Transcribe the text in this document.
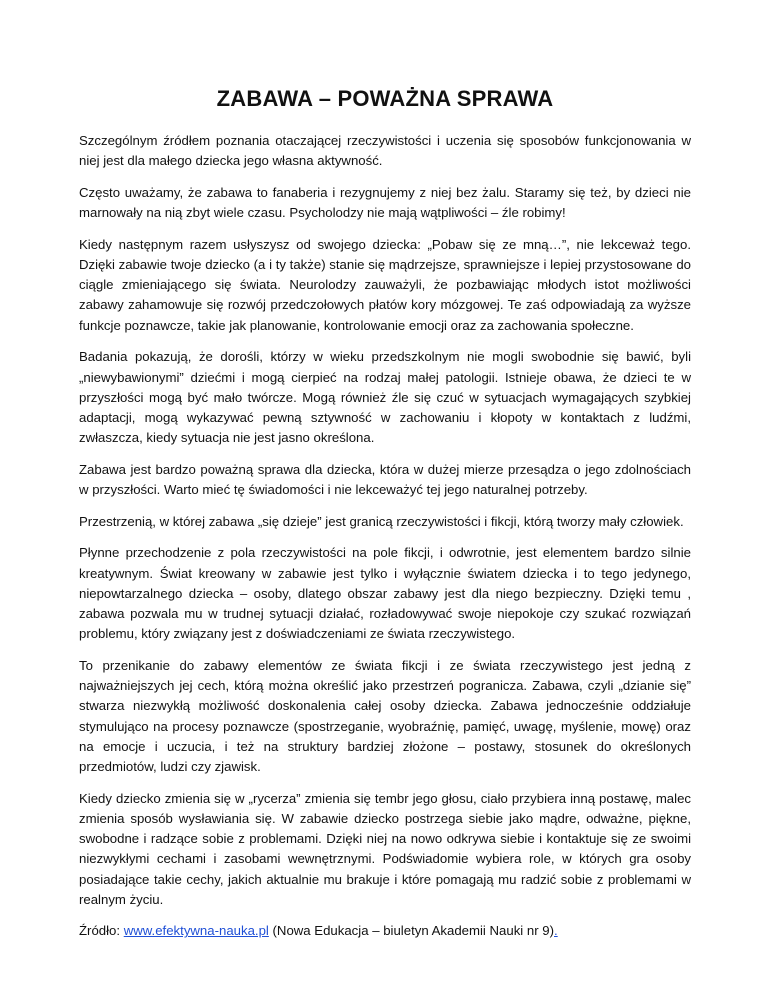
ZABAWA – POWAŻNA SPRAWA

Szczególnym źródłem poznania otaczającej rzeczywistości i uczenia się sposobów funkcjonowania w niej jest dla małego dziecka jego własna aktywność.

Często uważamy, że zabawa to fanaberia i rezygnujemy z niej bez żalu. Staramy się też, by dzieci nie marnowały na nią zbyt wiele czasu. Psycholodzy nie mają wątpliwości – źle robimy!

Kiedy następnym razem usłyszysz od swojego dziecka: „Pobaw się ze mną…”, nie lekceważ tego. Dzięki zabawie twoje dziecko (a i ty także) stanie się mądrzejsze, sprawniejsze i lepiej przystosowane do ciągle zmieniającego się świata. Neurolodzy zauważyli, że pozbawiając młodych istot możliwości zabawy zahamowuje się rozwój przedczołowych płatów kory mózgowej. Te zaś odpowiadają za wyższe funkcje poznawcze, takie jak planowanie, kontrolowanie emocji oraz za zachowania społeczne.

Badania pokazują, że dorośli, którzy w wieku przedszkolnym nie mogli swobodnie się bawić, byli „niewybawionymi” dziećmi i mogą cierpieć na rodzaj małej patologii. Istnieje obawa, że dzieci te w przyszłości mogą być mało twórcze. Mogą również źle się czuć w sytuacjach wymagających szybkiej adaptacji, mogą wykazywać pewną sztywność w zachowaniu i kłopoty w kontaktach z ludźmi, zwłaszcza, kiedy sytuacja nie jest jasno określona.

Zabawa jest bardzo poważną sprawa dla dziecka, która w dużej mierze przesądza o jego zdolnościach w przyszłości. Warto mieć tę świadomości i nie lekceważyć tej jego naturalnej potrzeby.

Przestrzenią, w której zabawa „się dzieje” jest granicą rzeczywistości i fikcji, którą tworzy mały człowiek.

Płynne przechodzenie z pola rzeczywistości na pole fikcji, i odwrotnie, jest elementem bardzo silnie kreatywnym. Świat kreowany w zabawie jest tylko i wyłącznie światem dziecka i to tego jedynego, niepowtarzalnego dziecka – osoby, dlatego obszar zabawy jest dla niego bezpieczny. Dzięki temu , zabawa pozwala mu w trudnej sytuacji działać, rozładowywać swoje niepokoje czy szukać rozwiązań problemu, który związany jest z doświadczeniami ze świata rzeczywistego.

To przenikanie do zabawy elementów ze świata fikcji i ze świata rzeczywistego jest jedną z najważniejszych jej cech, którą można określić jako przestrzeń pogranicza. Zabawa, czyli „dzianie się” stwarza niezwykłą możliwość doskonalenia całej osoby dziecka. Zabawa jednocześnie oddziałuje stymulująco na procesy poznawcze (spostrzeganie, wyobraźnię, pamięć, uwagę, myślenie, mowę) oraz na emocje i uczucia, i też na struktury bardziej złożone – postawy, stosunek do określonych przedmiotów, ludzi czy zjawisk.

Kiedy dziecko zmienia się w „rycerza” zmienia się tembr jego głosu, ciało przybiera inną postawę, malec zmienia sposób wysławiania się. W zabawie dziecko postrzega siebie jako mądre, odważne, piękne, swobodne i radzące sobie z problemami. Dzięki niej na nowo odkrywa siebie i kontaktuje się ze swoimi niezwykłymi cechami i zasobami wewnętrznymi. Podświadomie wybiera role, w których gra osoby posiadające takie cechy, jakich aktualnie mu brakuje i które pomagają mu radzić sobie z problemami w realnym życiu.

Źródło: www.efektywna-nauka.pl (Nowa Edukacja – biuletyn Akademii Nauki nr 9).
